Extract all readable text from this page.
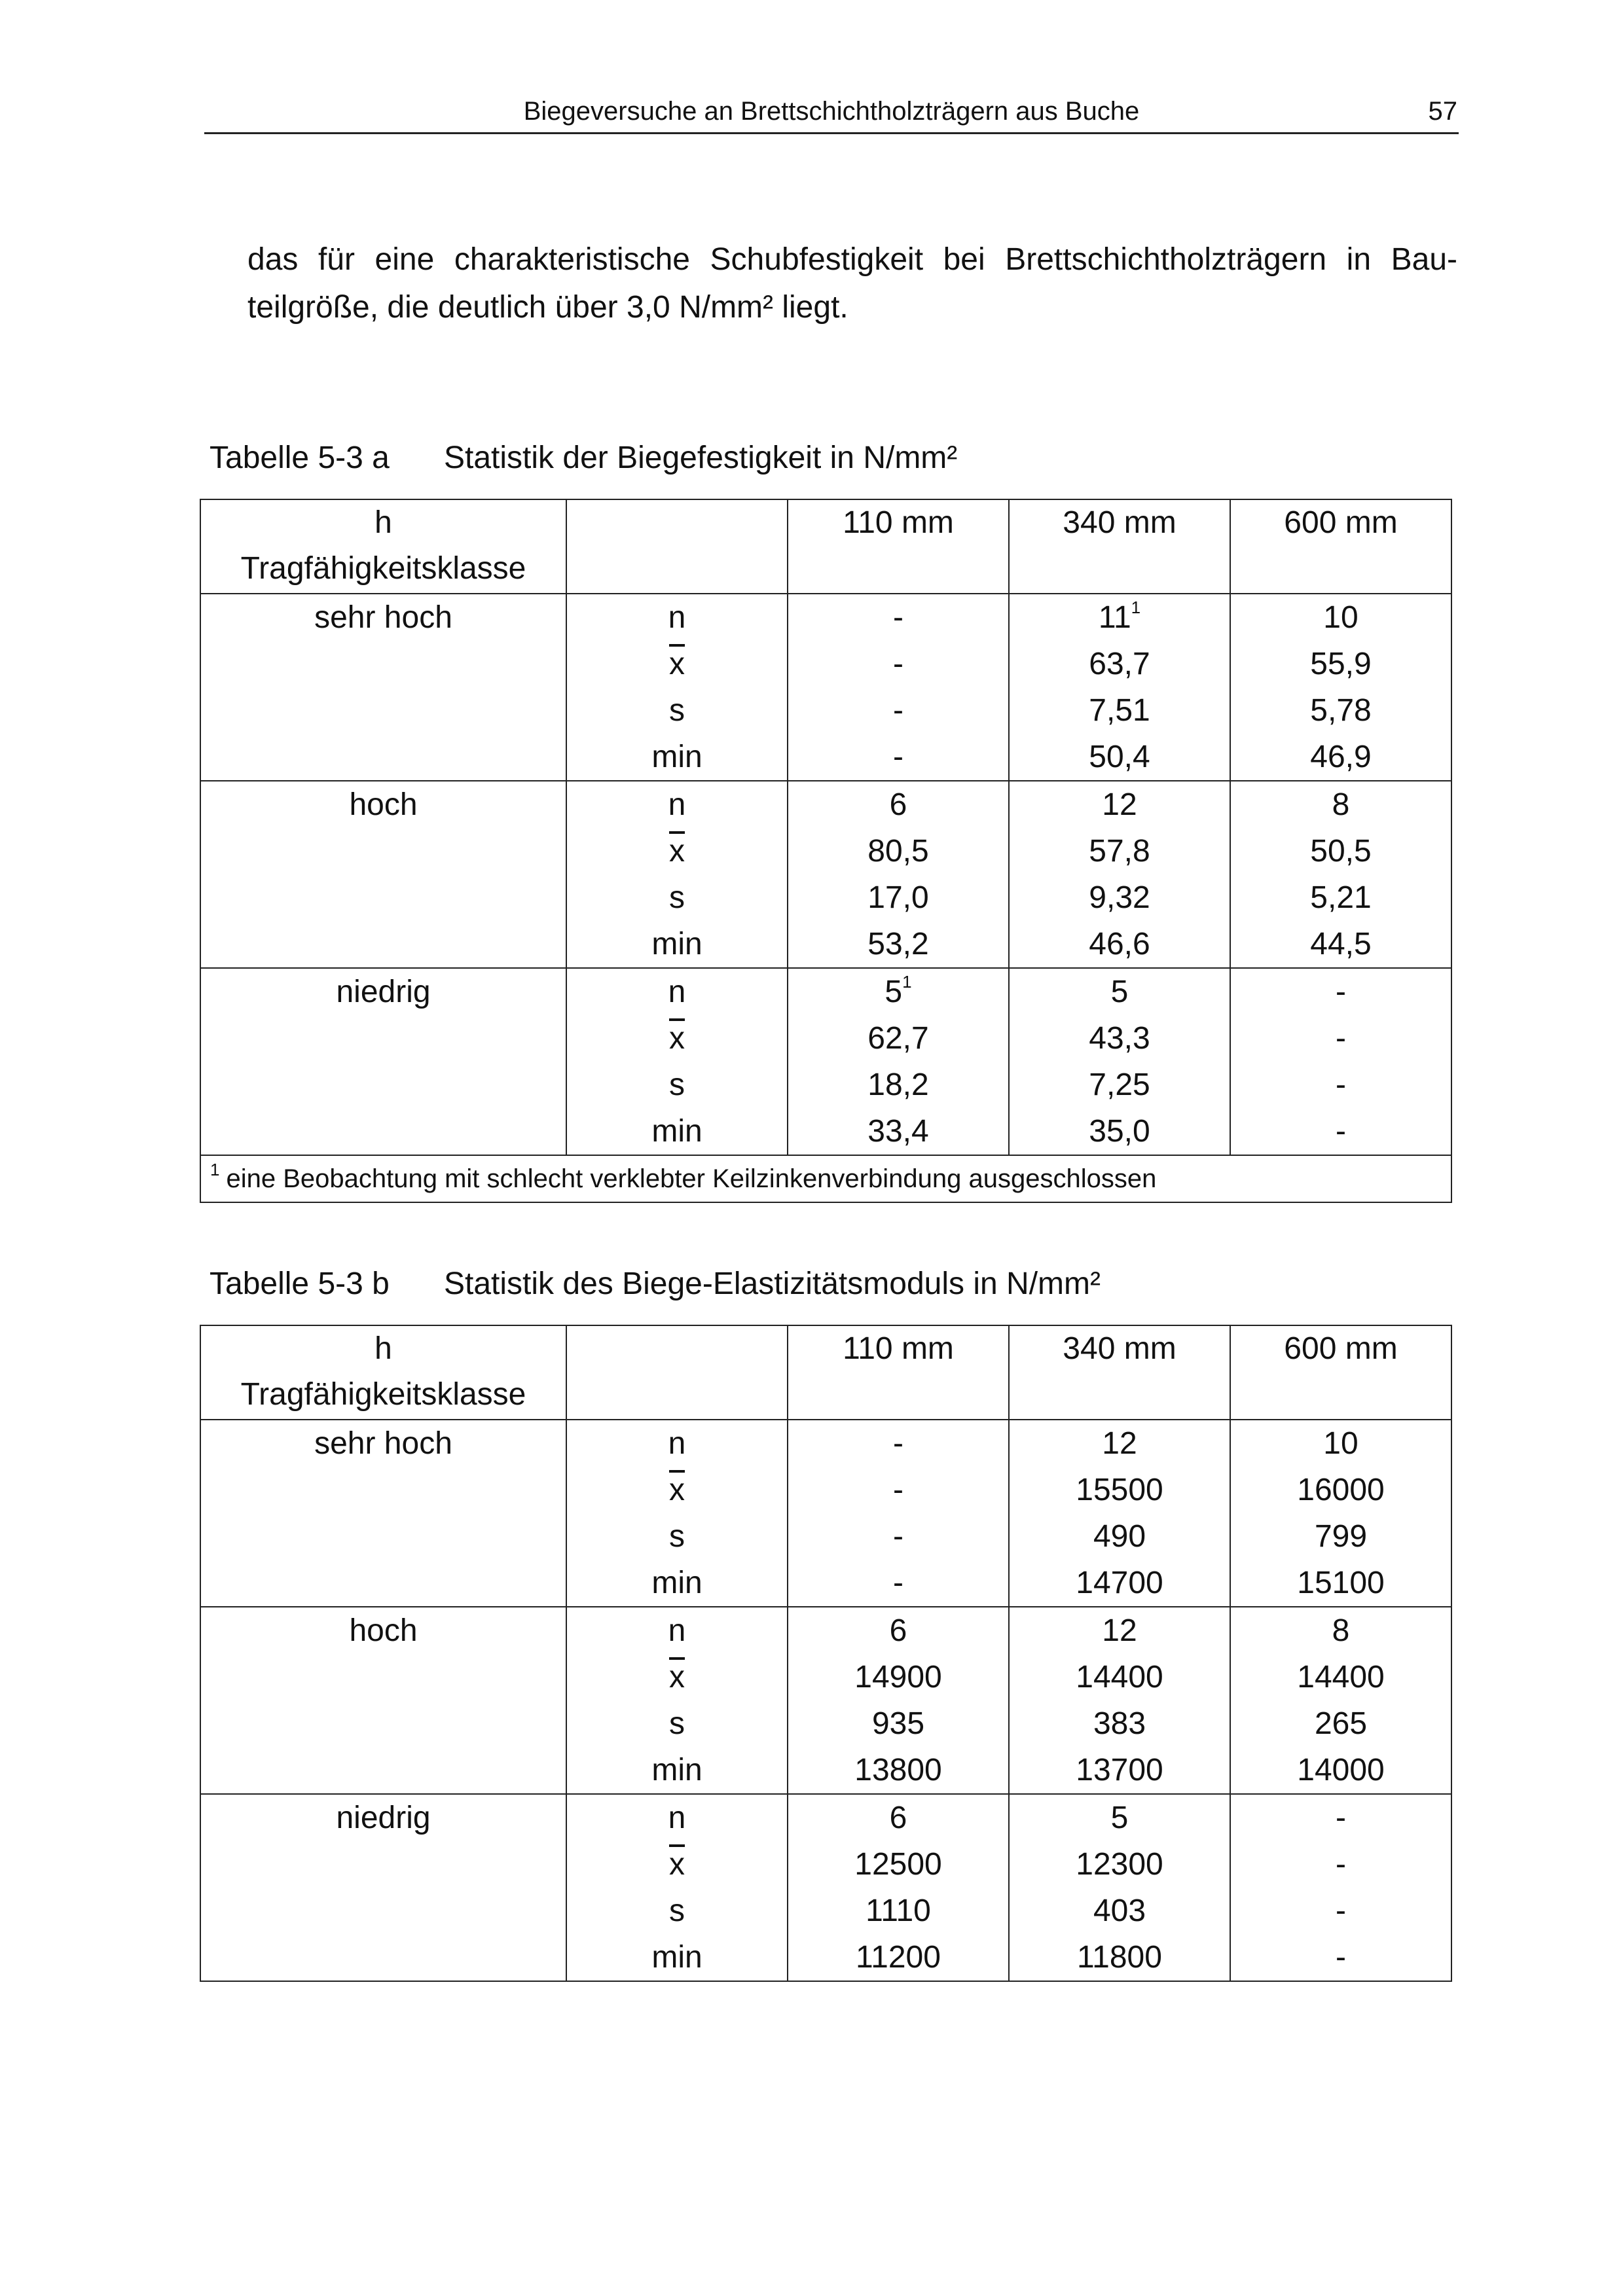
Biegeversuche an Brettschichtholzträgern aus Buche	57
das für eine charakteristische Schubfestigkeit bei Brettschichtholzträgern in Bau-
teilgröße, die deutlich über 3,0 N/mm² liegt.
Tabelle 5-3 a Statistik der Biegefestigkeit in N/mm²
h
Tragfähigkeitsklasse		110 mm	340 mm	600 mm
sehr hoch	n	-	$11^1$	10
	$\overline{x}$	-	63,7	55,9
	s	-	7,51	5,78
	min	-	50,4	46,9
hoch	n	6	12	8
	$\overline{x}$	80,5	57,8	50,5
	s	17,0	9,32	5,21
	min	53,2	46,6	44,5
niedrig	n	$5^1$	5	-
	$\overline{x}$	62,7	43,3	-
	s	18,2	7,25	-
	min	33,4	35,0	-
$^1$ eine Beobachtung mit schlecht verklebter Keilzinkenverbindung ausgeschlossen				
Tabelle 5-3 b Statistik des Biege-Elastizitätsmoduls in N/mm²
h
Tragfähigkeitsklasse		110 mm	340 mm	600 mm
sehr hoch	n	-	12	10
	$\overline{x}$	-	15500	16000
	s	-	490	799
	min	-	14700	15100
hoch	n	6	12	8
	$\overline{x}$	14900	14400	14400
	s	935	383	265
	min	13800	13700	14000
niedrig	n	6	5	-
	$\overline{x}$	12500	12300	-
	s	1110	403	-
	min	11200	11800	-
